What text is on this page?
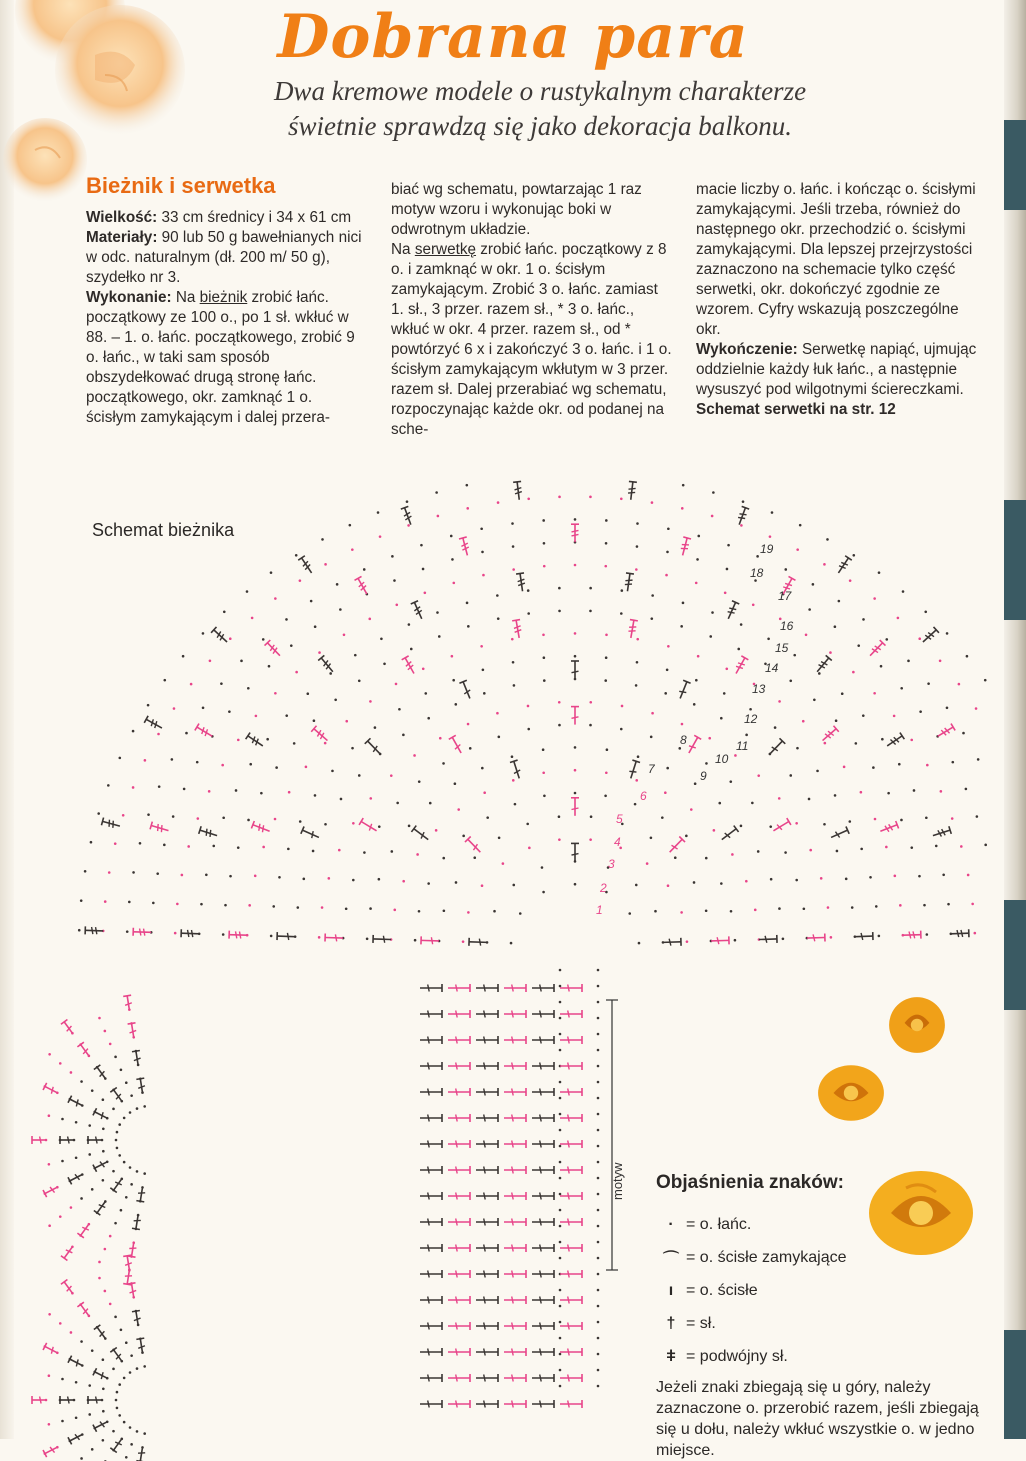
Dobrana para
Dwa kremowe modele o rustykalnym charakterze
świetnie sprawdzą się jako dekoracja balkonu.
Bieżnik i serwetka

Wielkość: 33 cm średnicy i 34 x 61 cm

Materiały: 90 lub 50 g bawełnianych nici w odc. naturalnym (dł. 200 m/ 50 g), szydełko nr 3.

Wykonanie: Na bieżnik zrobić łańc. początkowy ze 100 o., po 1 sł. wkłuć w 88. – 1. o. łańc. początkowego, zrobić 9 o. łańc., w taki sam sposób obszydełkować drugą stronę łańc. początkowego, okr. zamknąć 1 o. ścisłym zamykającym i dalej przera-

biać wg schematu, powtarzając 1 raz motyw wzoru i wykonując boki w odwrotnym układzie.

Na serwetkę zrobić łańc. początkowy z 8 o. i zamknąć w okr. 1 o. ścisłym zamykającym. Zrobić 3 o. łańc. zamiast 1. sł., 3 przer. razem sł., * 3 o. łańc., wkłuć w okr. 4 przer. razem sł., od * powtórzyć 6 x i zakończyć 3 o. łańc. i 1 o. ścisłym zamykającym wkłutym w 3 przer. razem sł. Dalej przerabiać wg schematu, rozpoczynając każde okr. od podanej na sche-

macie liczby o. łańc. i kończąc o. ścisłymi zamykającymi. Jeśli trzeba, również do następnego okr. przechodzić o. ścisłymi zamykającymi. Dla lepszej przejrzystości zaznaczono na schemacie tylko część serwetki, okr. dokończyć zgodnie ze wzorem. Cyfry wskazują poszczególne okr.

Wykończenie: Serwetkę napiąć, ujmując oddzielnie każdy łuk łańc., a następnie wysuszyć pod wilgotnymi ściereczkami.

Schemat serwetki na str. 12

Schemat bieżnika
1
2
3
4
5
6
7
8
9
10
11
12
13
14
15
16
17
18
19
motyw Objaśnienia znaków:
· = o. łańc.
⌒ = o. ścisłe zamykające
ı = o. ścisłe
† = sł.
ǂ = podwójny sł.
Jeżeli znaki zbiegają się u góry, należy zaznaczone o. przerobić razem, jeśli zbiegają się u dołu, należy wkłuć wszystkie o. w jedno miejsce.
